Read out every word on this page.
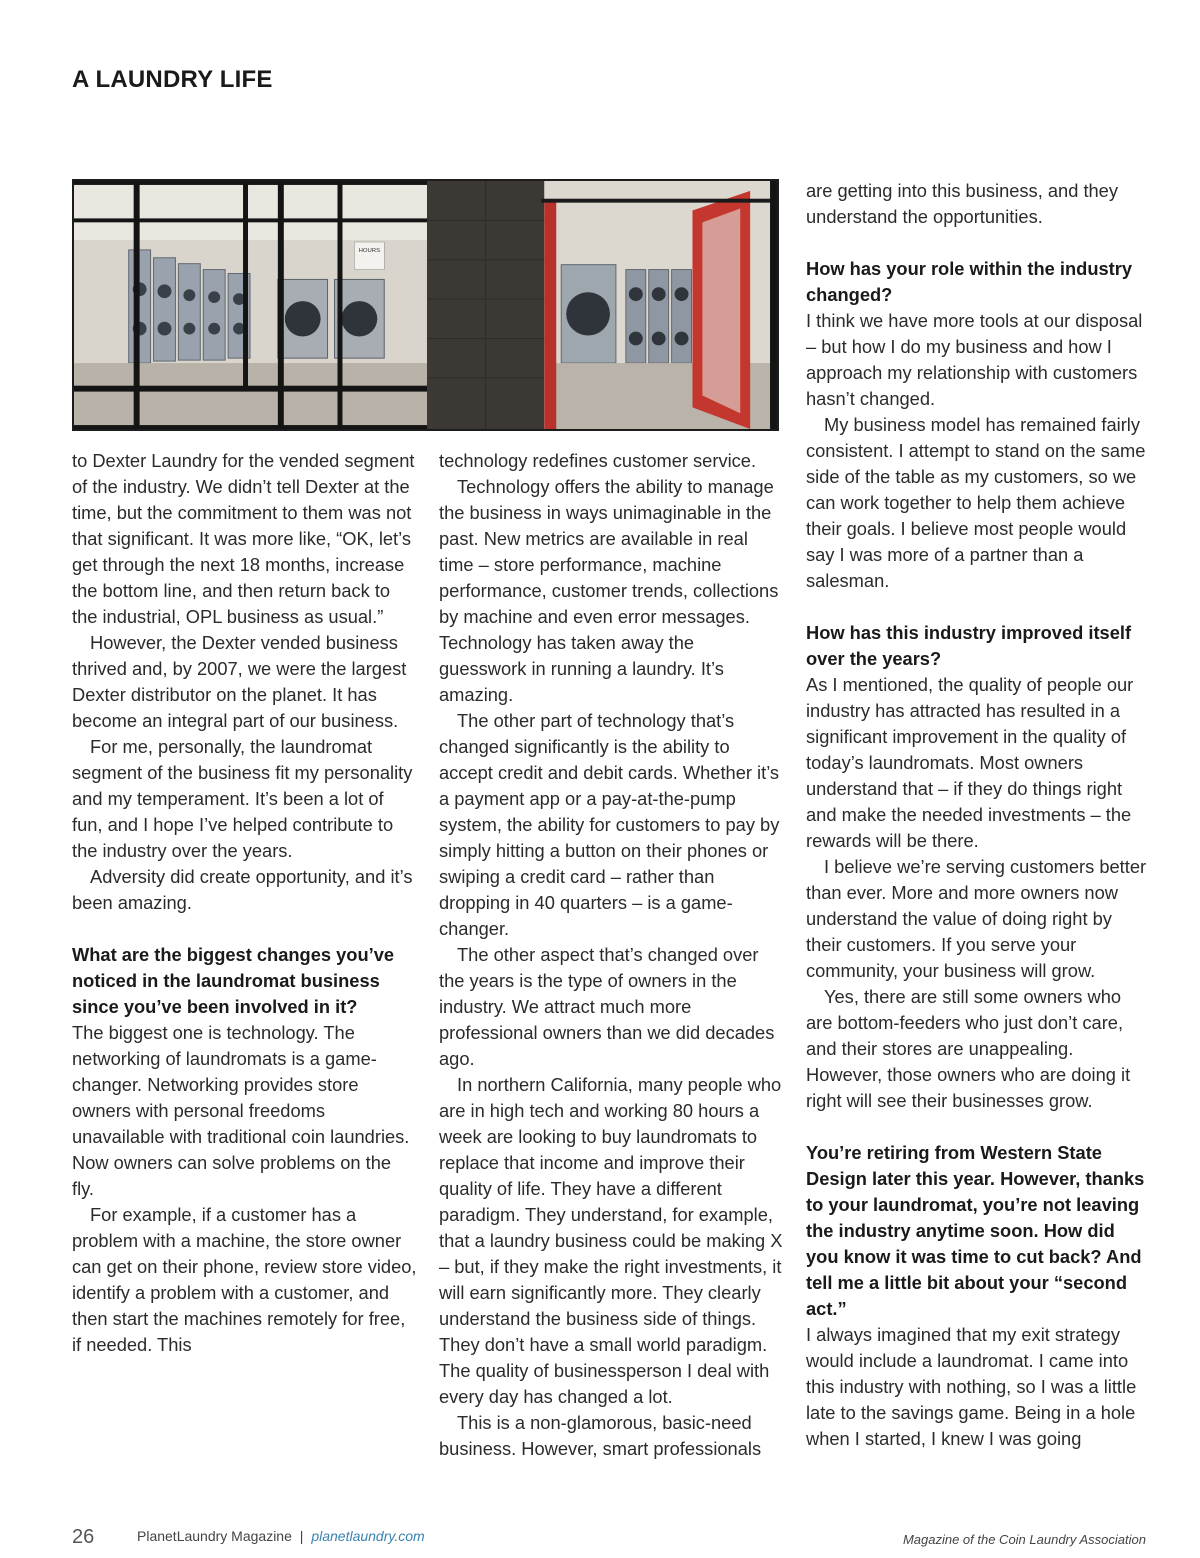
A LAUNDRY LIFE
HOURS

to Dexter Laundry for the vended segment of the industry. We didn’t tell Dexter at the time, but the commitment to them was not that significant. It was more like, “OK, let’s get through the next 18 months, increase the bottom line, and then return back to the industrial, OPL business as usual.”

However, the Dexter vended business thrived and, by 2007, we were the largest Dexter distributor on the planet. It has become an integral part of our business.

For me, personally, the laundromat segment of the business fit my personality and my temperament. It’s been a lot of fun, and I hope I’ve helped contribute to the industry over the years.

Adversity did create opportunity, and it’s been amazing.

What are the biggest changes you’ve noticed in the laundromat business since you’ve been involved in it?

The biggest one is technology. The networking of laundromats is a game-changer. Networking provides store owners with personal freedoms unavailable with traditional coin laundries. Now owners can solve problems on the fly.

For example, if a customer has a problem with a machine, the store owner can get on their phone, review store video, identify a problem with a customer, and then start the machines remotely for free, if needed. This

technology redefines customer service.

Technology offers the ability to manage the business in ways unimaginable in the past. New metrics are available in real time – store performance, machine performance, customer trends, collections by machine and even error messages. Technology has taken away the guesswork in running a laundry. It’s amazing.

The other part of technology that’s changed significantly is the ability to accept credit and debit cards. Whether it’s a payment app or a pay-at-the-pump system, the ability for customers to pay by simply hitting a button on their phones or swiping a credit card – rather than dropping in 40 quarters – is a game-changer.

The other aspect that’s changed over the years is the type of owners in the industry. We attract much more professional owners than we did decades ago.

In northern California, many people who are in high tech and working 80 hours a week are looking to buy laundromats to replace that income and improve their quality of life. They have a different paradigm. They understand, for example, that a laundry business could be making X – but, if they make the right investments, it will earn significantly more. They clearly understand the business side of things. They don’t have a small world paradigm. The quality of businessperson I deal with every day has changed a lot.

This is a non-glamorous, basic-need business. However, smart professionals

are getting into this business, and they understand the opportunities.

How has your role within the industry changed?

I think we have more tools at our disposal – but how I do my business and how I approach my relationship with customers hasn’t changed.

My business model has remained fairly consistent. I attempt to stand on the same side of the table as my customers, so we can work together to help them achieve their goals. I believe most people would say I was more of a partner than a salesman.

How has this industry improved itself over the years?

As I mentioned, the quality of people our industry has attracted has resulted in a significant improvement in the quality of today’s laundromats. Most owners understand that – if they do things right and make the needed investments – the rewards will be there.

I believe we’re serving customers better than ever. More and more owners now understand the value of doing right by their customers. If you serve your community, your business will grow.

Yes, there are still some owners who are bottom-feeders who just don’t care, and their stores are unappealing. However, those owners who are doing it right will see their businesses grow.

You’re retiring from Western State Design later this year. However, thanks to your laundromat, you’re not leaving the industry anytime soon. How did you know it was time to cut back? And tell me a little bit about your “second act.”

I always imagined that my exit strategy would include a laundromat. I came into this industry with nothing, so I was a little late to the savings game. Being in a hole when I started, I knew I was going

26	PlanetLaundry Magazine | planetlaundry.com	Magazine of the Coin Laundry Association
